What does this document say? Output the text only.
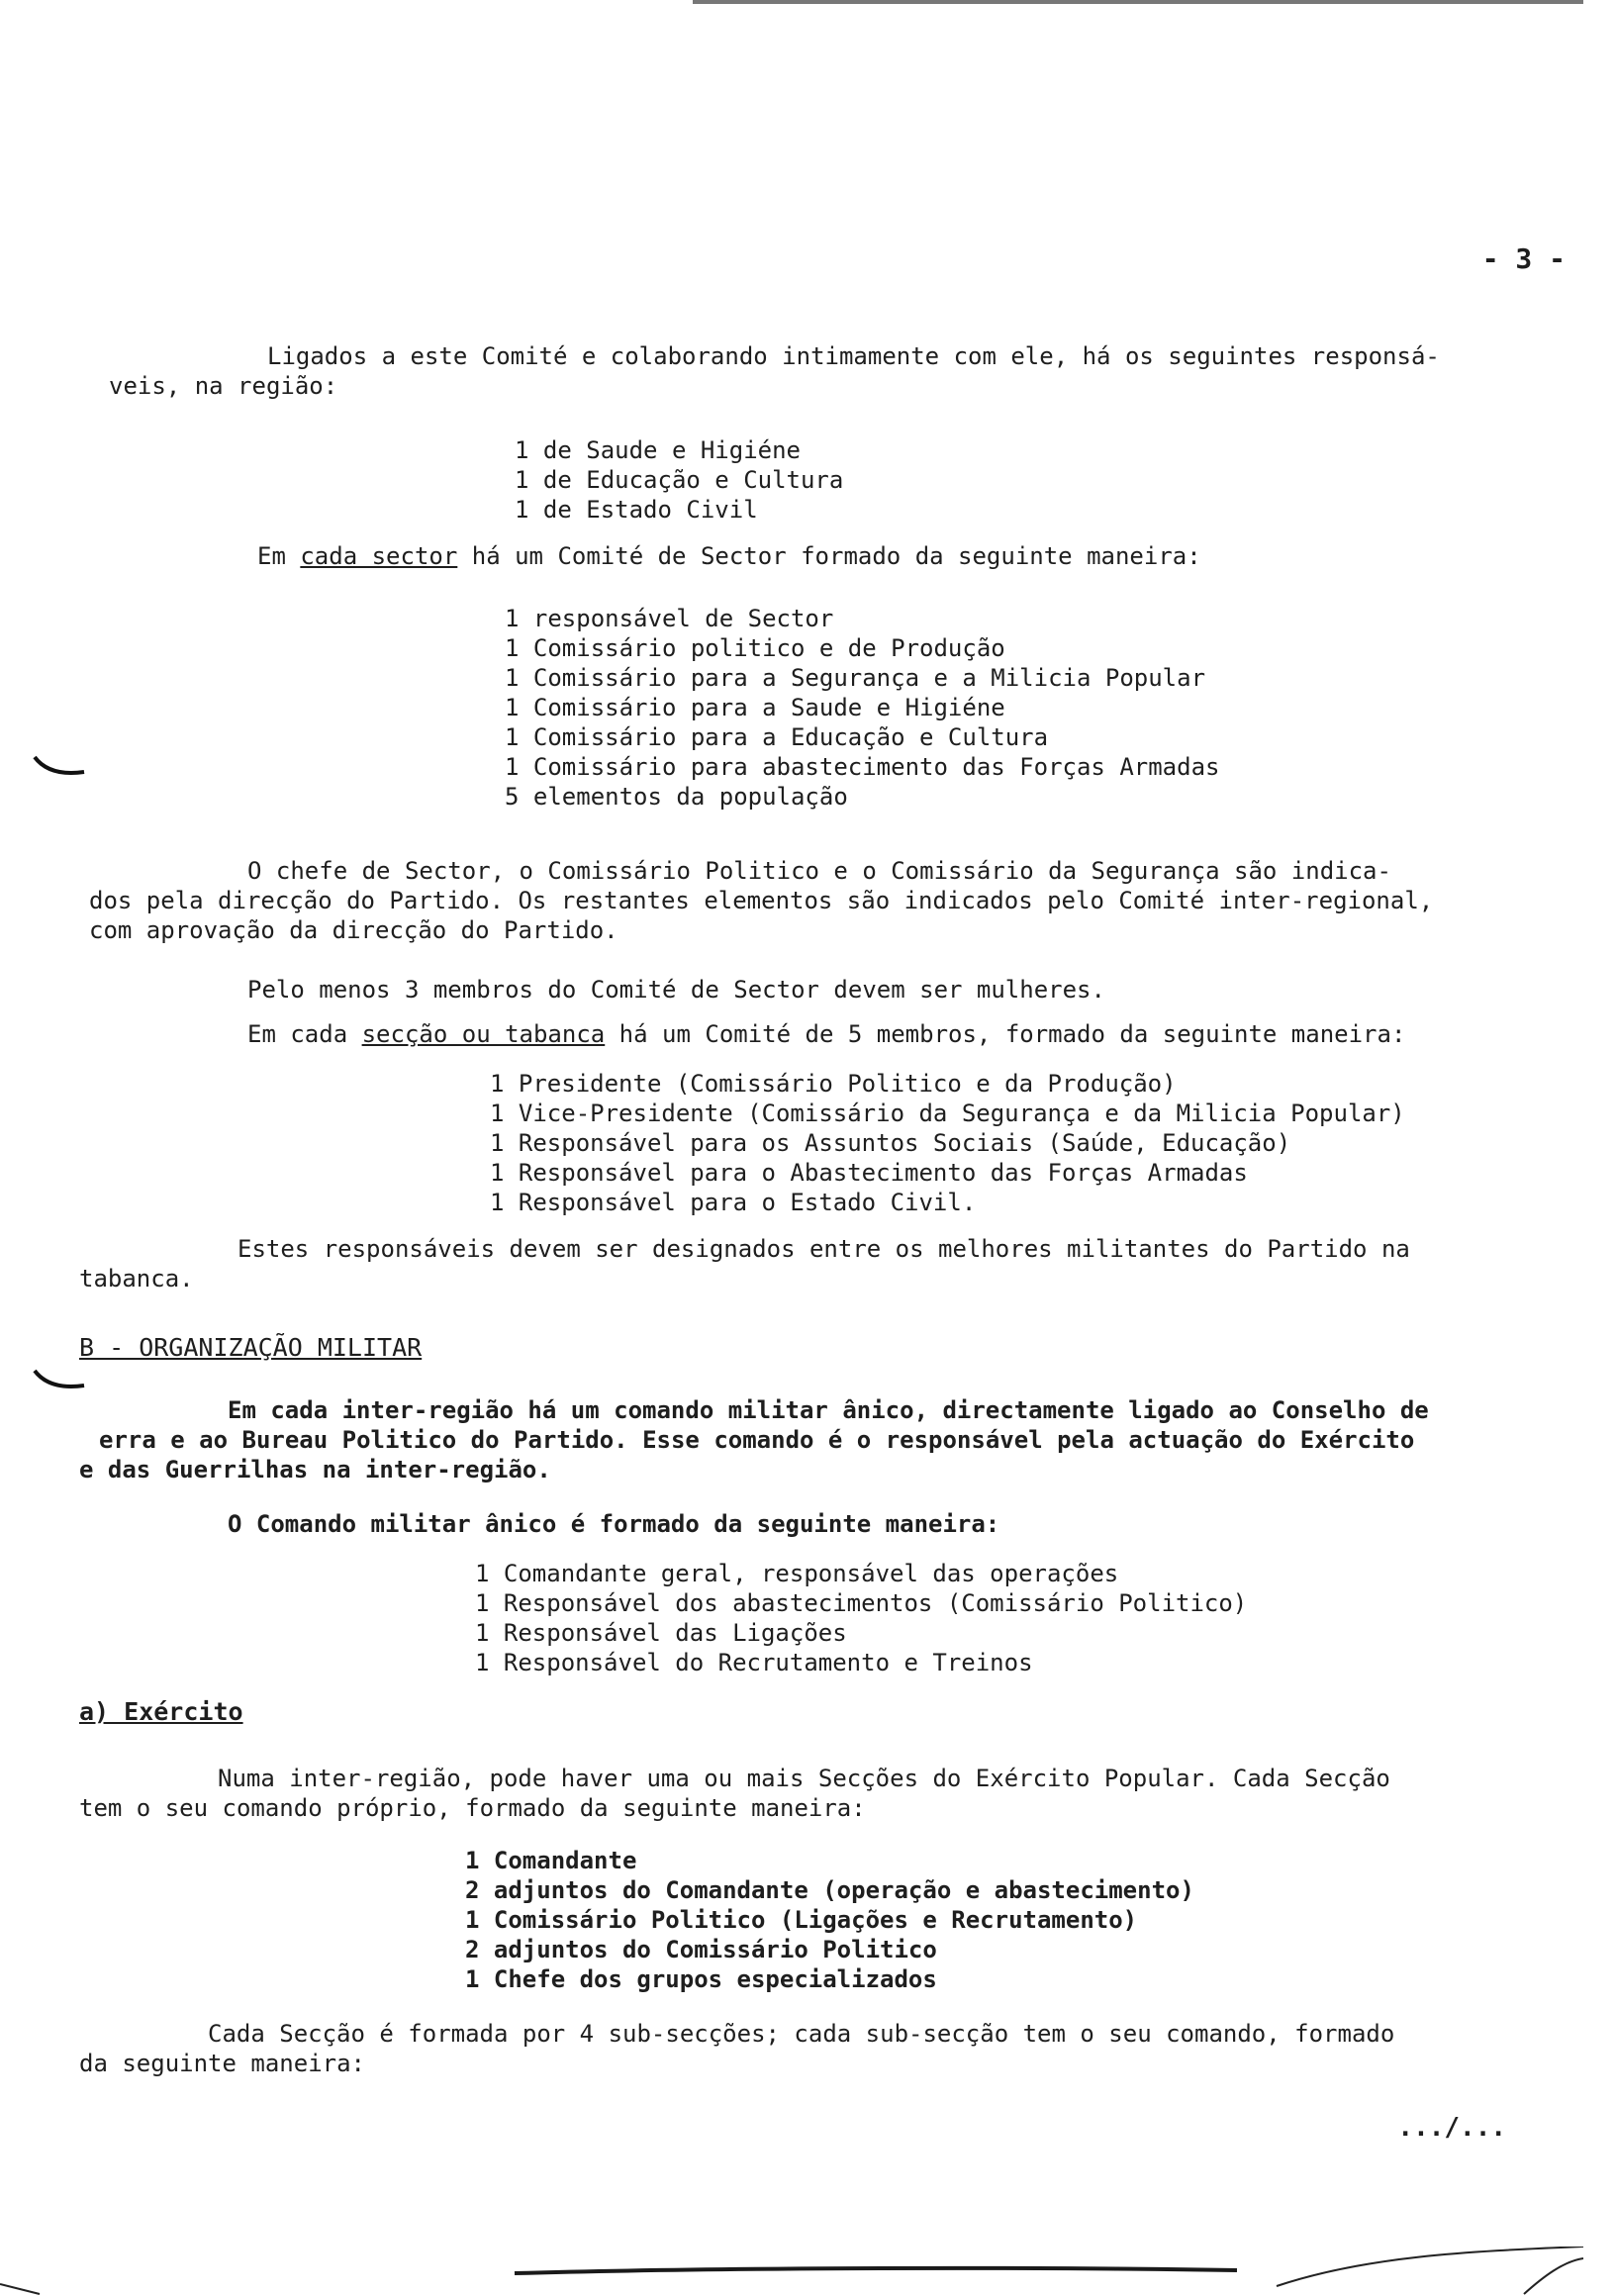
- 3 -
Ligados a este Comité e colaborando intimamente com ele, há os seguintes responsá-
veis, na região:
1 de Saude e Higiéne
1 de Educação e Cultura
1 de Estado Civil
Em cada sector há um Comité de Sector formado da seguinte maneira:
1 responsável de Sector
1 Comissário politico e de Produção
1 Comissário para a Segurança e a Milicia Popular
1 Comissário para a Saude e Higiéne
1 Comissário para a Educação e Cultura
1 Comissário para abastecimento das Forças Armadas
5 elementos da população
O chefe de Sector, o Comissário Politico e o Comissário da Segurança são indica-
dos pela direcção do Partido. Os restantes elementos são indicados pelo Comité inter-regional,
com aprovação da direcção do Partido.
Pelo menos 3 membros do Comité de Sector devem ser mulheres.
Em cada secção ou tabanca há um Comité de 5 membros, formado da seguinte maneira:
1 Presidente (Comissário Politico e da Produção)
1 Vice-Presidente (Comissário da Segurança e da Milicia Popular)
1 Responsável para os Assuntos Sociais (Saúde, Educação)
1 Responsável para o Abastecimento das Forças Armadas
1 Responsável para o Estado Civil.
Estes responsáveis devem ser designados entre os melhores militantes do Partido na
tabanca.
B - ORGANIZAÇÃO MILITAR
Em cada inter-região há um comando militar ânico, directamente ligado ao Conselho de
erra e ao Bureau Politico do Partido. Esse comando é o responsável pela actuação do Exército
e das Guerrilhas na inter-região.
O Comando militar ânico é formado da seguinte maneira:
1 Comandante geral, responsável das operações
1 Responsável dos abastecimentos (Comissário Politico)
1 Responsável das Ligações
1 Responsável do Recrutamento e Treinos
a) Exército
Numa inter-região, pode haver uma ou mais Secções do Exército Popular. Cada Secção
tem o seu comando próprio, formado da seguinte maneira:
1 Comandante
2 adjuntos do Comandante (operação e abastecimento)
1 Comissário Politico (Ligações e Recrutamento)
2 adjuntos do Comissário Politico
1 Chefe dos grupos especializados
Cada Secção é formada por 4 sub-secções; cada sub-secção tem o seu comando, formado
da seguinte maneira:
.../...
